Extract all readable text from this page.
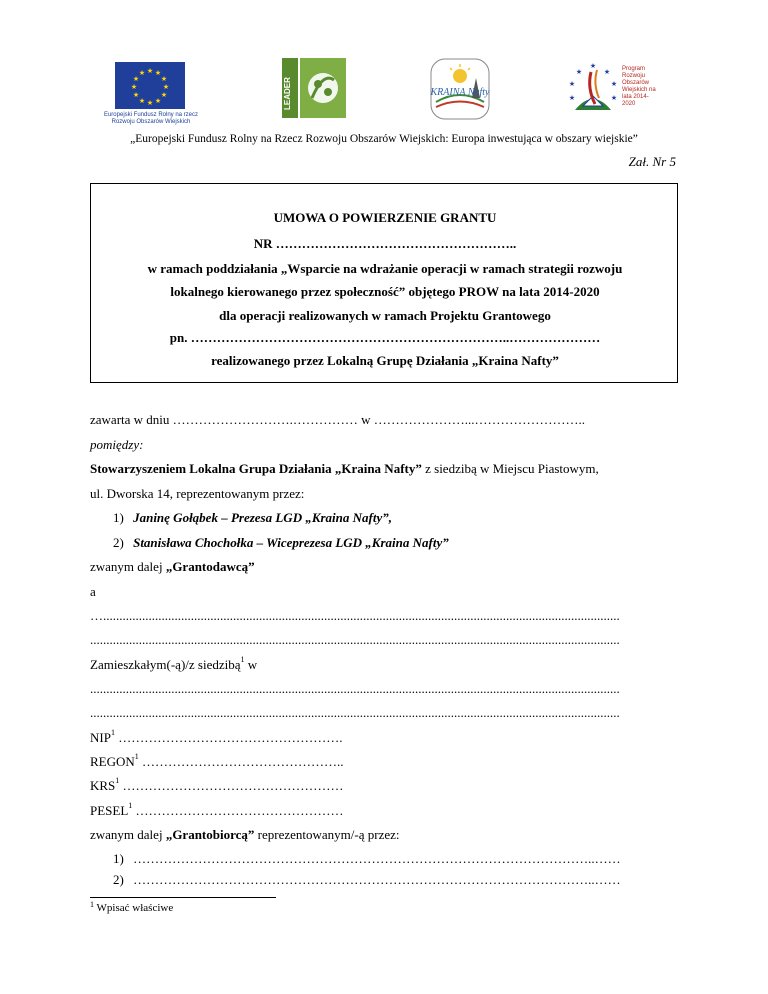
★ ★
★
★
★
★
★
★
★
★
★
★
Europejski Fundusz Rolny na rzecz Rozwoju Obszarów Wiejskich
LEADER	KRAINA Nafty
★
★	★
★	★
★	★
Program Rozwoju Obszarów Wiejskich na lata 2014-2020
„Europejski Fundusz Rolny na Rzecz Rozwoju Obszarów Wiejskich: Europa inwestująca w obszary wiejskie”
Zał. Nr 5
UMOWA O POWIERZENIE GRANTU
NR ………………………………………………..
w ramach poddziałania „Wsparcie na wdrażanie operacji w ramach strategii rozwoju
lokalnego kierowanego przez społeczność” objętego PROW na lata 2014-2020
dla operacji realizowanych w ramach Projektu Grantowego
pn. ………………………………………………………………..…………………
realizowanego przez Lokalną Grupę Działania „Kraina Nafty”
zawarta w dniu ……………………….…………… w …………………...……………………..
pomiędzy:
Stowarzyszeniem Lokalna Grupa Działania „Kraina Nafty” z siedzibą w Miejscu Piastowym,
ul. Dworska 14, reprezentowanym przez:
1) Janinę Gołąbek – Prezesa LGD „Kraina Nafty”,
2) Stanisława Chochołka – Wiceprezesa LGD „Kraina Nafty”
zwanym dalej „Grantodawcą”
a
…...............................................................................................................................................................
...................................................................................................................................................................
Zamieszkałym(-ą)/z siedzibą$^1$ w
...................................................................................................................................................................
...................................................................................................................................................................
NIP$^1$ …………………………………………….
REGON$^1$ ………………………………………..
KRS$^1$ ……………………………………………
PESEL$^1$ …………………………………………
zwanym dalej „Grantobiorcą” reprezentowanym/-ą przez:
1) ……………………………………………………………………………………………..……
2) ……………………………………………………………………………………………..……
$^1$ Wpisać właściwe
